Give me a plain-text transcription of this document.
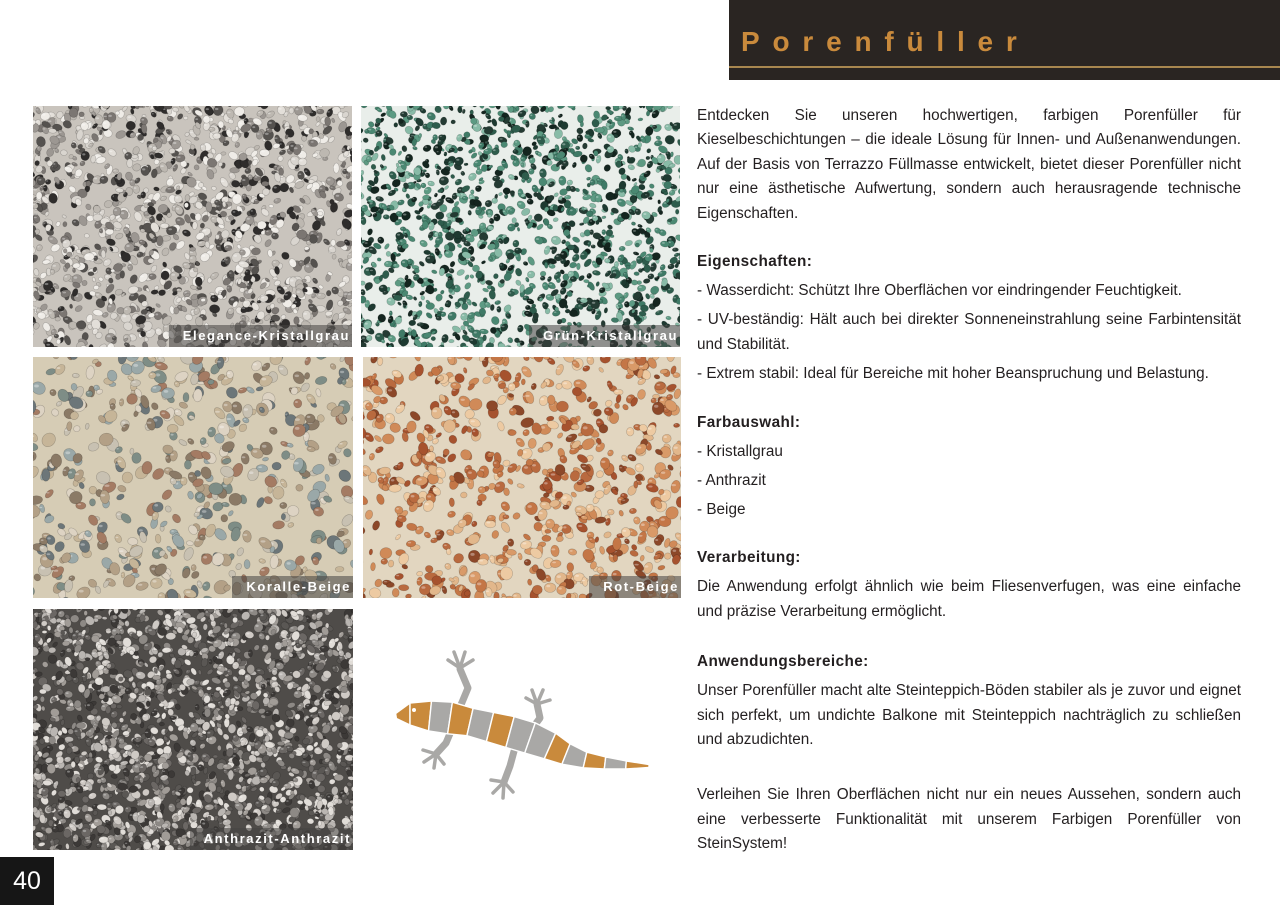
Porenfüller
Elegance-Kristallgrau	Grün-Kristallgrau
Koralle-Beige	Rot-Beige
Anthrazit-Anthrazit

Entdecken Sie unseren hochwertigen, farbigen Porenfüller für Kieselbeschichtungen – die ideale Lösung für Innen- und Außenanwendungen. Auf der Basis von Terrazzo Füllmasse entwickelt, bietet dieser Porenfüller nicht nur eine ästhetische Aufwertung, sondern auch herausragende technische Eigenschaften.

Eigenschaften:

- Wasserdicht: Schützt Ihre Oberflächen vor eindringender Feuchtigkeit.

- UV-beständig: Hält auch bei direkter Sonneneinstrahlung seine Farbintensität und Stabilität.

- Extrem stabil: Ideal für Bereiche mit hoher Beanspruchung und Belastung.

Farbauswahl:

- Kristallgrau

- Anthrazit

- Beige

Verarbeitung:

Die Anwendung erfolgt ähnlich wie beim Fliesenverfugen, was eine einfache und präzise Verarbeitung ermöglicht.

Anwendungsbereiche:

Unser Porenfüller macht alte Steinteppich-Böden stabiler als je zuvor und eignet sich perfekt, um undichte Balkone mit Steinteppich nachträglich zu schließen und abzudichten.

Verleihen Sie Ihren Oberflächen nicht nur ein neues Aussehen, sondern auch eine verbesserte Funktionalität mit unserem Farbigen Porenfüller von SteinSystem!

40
